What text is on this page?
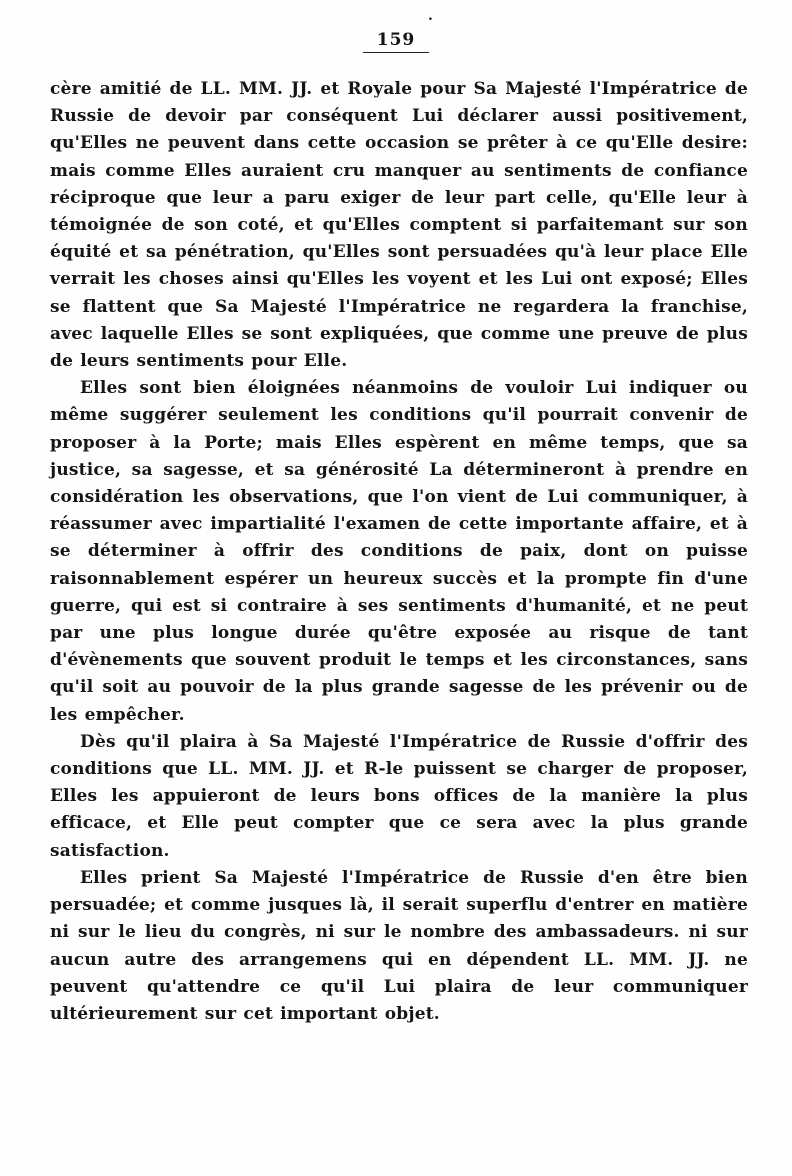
.
159

cère amitié de LL. MM. JJ. et Royale pour Sa Majesté l'Impératrice de Russie de devoir par conséquent Lui déclarer aussi positivement, qu'Elles ne peuvent dans cette occasion se prêter à ce qu'Elle desire: mais comme Elles auraient cru manquer au sentiments de confiance réciproque que leur a paru exiger de leur part celle, qu'Elle leur à témoignée de son coté, et qu'Elles comptent si parfaitemant sur son équité et sa pénétration, qu'Elles sont persuadées qu'à leur place Elle verrait les choses ainsi qu'Elles les voyent et les Lui ont exposé; Elles se flattent que Sa Majesté l'Impératrice ne regardera la franchise, avec laquelle Elles se sont expliquées, que comme une preuve de plus de leurs sentiments pour Elle.

Elles sont bien éloignées néanmoins de vouloir Lui indiquer ou même suggérer seulement les conditions qu'il pourrait convenir de proposer à la Porte; mais Elles espèrent en même temps, que sa justice, sa sagesse, et sa générosité La détermineront à prendre en considération les observations, que l'on vient de Lui communiquer, à réassumer avec impartialité l'examen de cette importante affaire, et à se déterminer à offrir des conditions de paix, dont on puisse raisonnablement espérer un heureux succès et la prompte fin d'une guerre, qui est si contraire à ses sentiments d'humanité, et ne peut par une plus longue durée qu'être exposée au risque de tant d'évènements que souvent produit le temps et les circonstances, sans qu'il soit au pouvoir de la plus grande sagesse de les prévenir ou de les empêcher.

Dès qu'il plaira à Sa Majesté l'Impératrice de Russie d'offrir des conditions que LL. MM. JJ. et R-le puissent se charger de proposer, Elles les appuieront de leurs bons offices de la manière la plus efficace, et Elle peut compter que ce sera avec la plus grande satisfaction.

Elles prient Sa Majesté l'Impératrice de Russie d'en être bien persuadée; et comme jusques là, il serait superflu d'entrer en matière ni sur le lieu du congrès, ni sur le nombre des ambassadeurs. ni sur aucun autre des arrangemens qui en dépendent LL. MM. JJ. ne peuvent qu'attendre ce qu'il Lui plaira de leur communiquer ultérieurement sur cet important objet.
